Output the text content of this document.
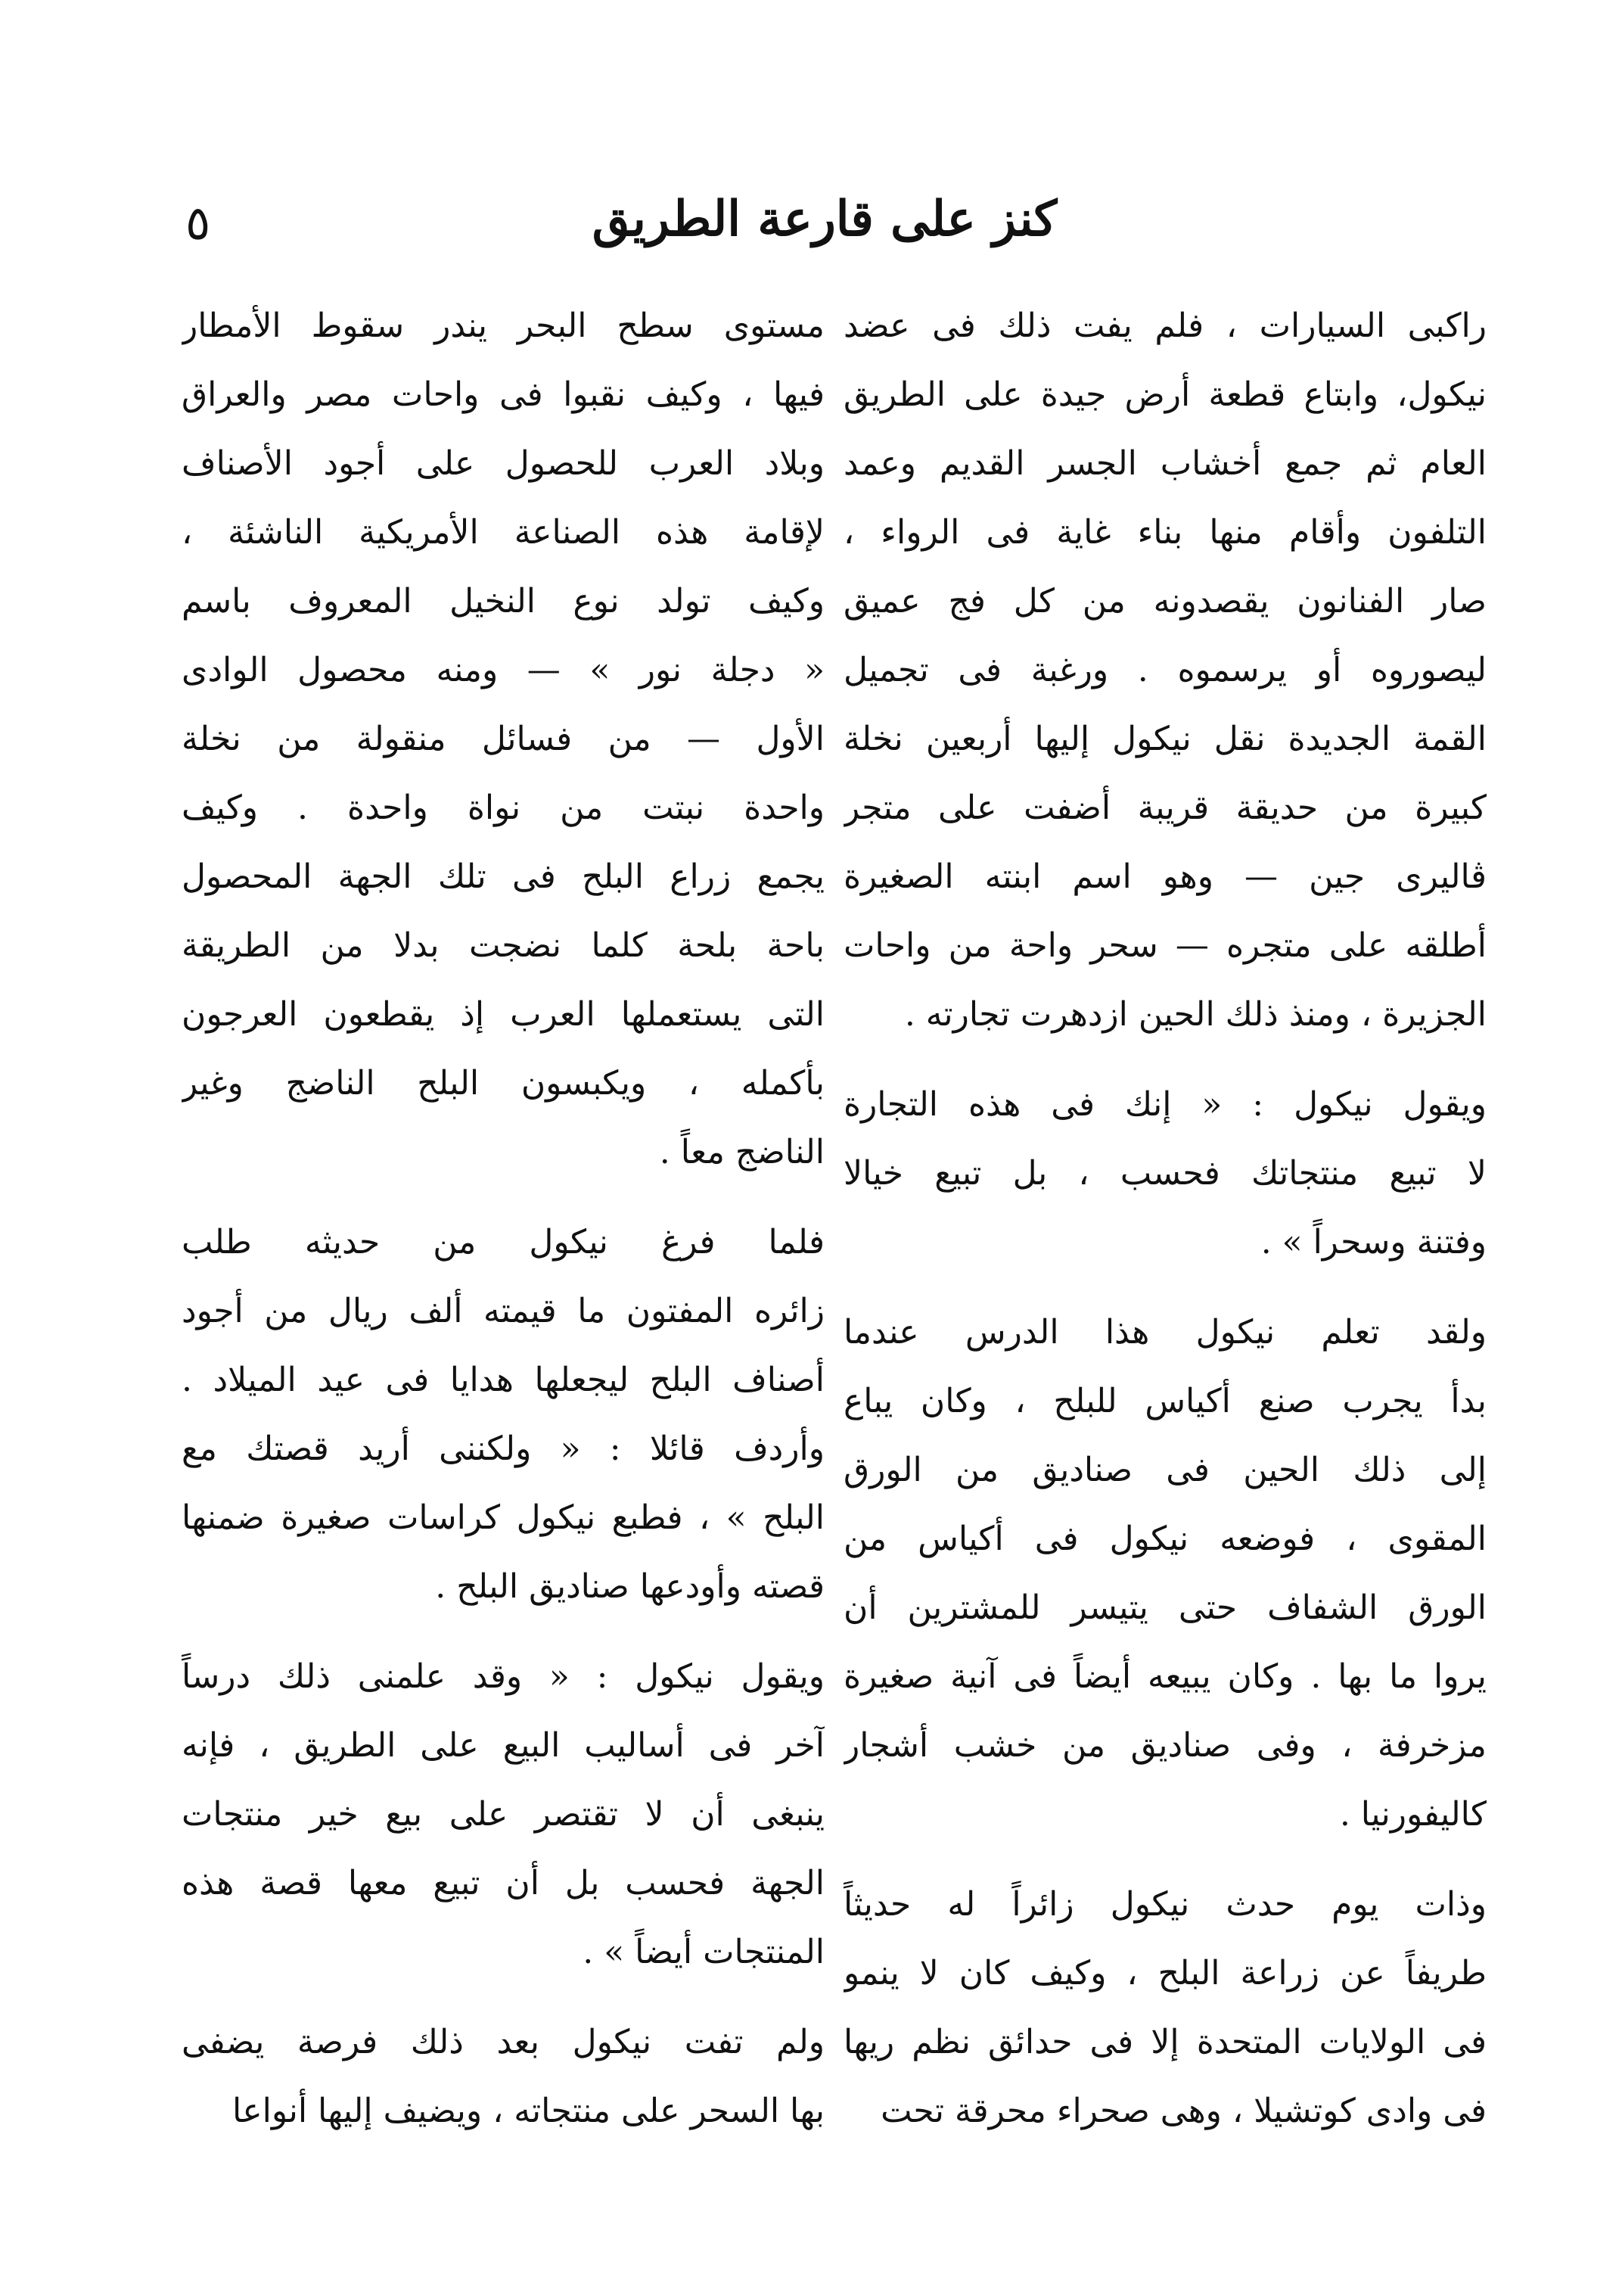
٥	كنز على قارعة الطريق
راكبى السيارات ، فلم يفت ذلك فى عضد
نيكول، وابتاع قطعة أرض جيدة على الطريق
العام ثم جمع أخشاب الجسر القديم وعمد
التلفون وأقام منها بناء غاية فى الرواء ،
صار الفنانون يقصدونه من كل فج عميق
ليصوروه أو يرسموه . ورغبة فى تجميل
القمة الجديدة نقل نيكول إليها أربعين نخلة
كبيرة من حديقة قريبة أضفت على متجر
ڤاليرى جين — وهو اسم ابنته الصغيرة
أطلقه على متجره — سحر واحة من واحات
الجزيرة ، ومنذ ذلك الحين ازدهرت تجارته .
ويقول نيكول : « إنك فى هذه التجارة
لا تبيع منتجاتك فحسب ، بل تبيع خيالا
وفتنة وسحراً » .
ولقد تعلم نيكول هذا الدرس عندما
بدأ يجرب صنع أكياس للبلح ، وكان يباع
إلى ذلك الحين فى صناديق من الورق
المقوى ، فوضعه نيكول فى أكياس من
الورق الشفاف حتى يتيسر للمشترين أن
يروا ما بها . وكان يبيعه أيضاً فى آنية صغيرة
مزخرفة ، وفى صناديق من خشب أشجار
كاليفورنيا .
وذات يوم حدث نيكول زائراً له حديثاً
طريفاً عن زراعة البلح ، وكيف كان لا ينمو
فى الولايات المتحدة إلا فى حدائق نظم ريها
فى وادى كوتشيلا ، وهى صحراء محرقة تحت
مستوى سطح البحر يندر سقوط الأمطار
فيها ، وكيف نقبوا فى واحات مصر والعراق
وبلاد العرب للحصول على أجود الأصناف
لإقامة هذه الصناعة الأمريكية الناشئة ،
وكيف تولد نوع النخيل المعروف باسم
« دجلة نور » — ومنه محصول الوادى
الأول — من فسائل منقولة من نخلة
واحدة نبتت من نواة واحدة . وكيف
يجمع زراع البلح فى تلك الجهة المحصول
باحة بلحة كلما نضجت بدلا من الطريقة
التى يستعملها العرب إذ يقطعون العرجون
بأكمله ، ويكبسون البلح الناضج وغير
الناضج معاً .
فلما فرغ نيكول من حديثه طلب
زائره المفتون ما قيمته ألف ريال من أجود
أصناف البلح ليجعلها هدايا فى عيد الميلاد .
وأردف قائلا : « ولكننى أريد قصتك مع
البلح » ، فطبع نيكول كراسات صغيرة ضمنها
قصته وأودعها صناديق البلح .
ويقول نيكول : « وقد علمنى ذلك درساً
آخر فى أساليب البيع على الطريق ، فإنه
ينبغى أن لا تقتصر على بيع خير منتجات
الجهة فحسب بل أن تبيع معها قصة هذه
المنتجات أيضاً » .
ولم تفت نيكول بعد ذلك فرصة يضفى
بها السحر على منتجاته ، ويضيف إليها أنواعا
